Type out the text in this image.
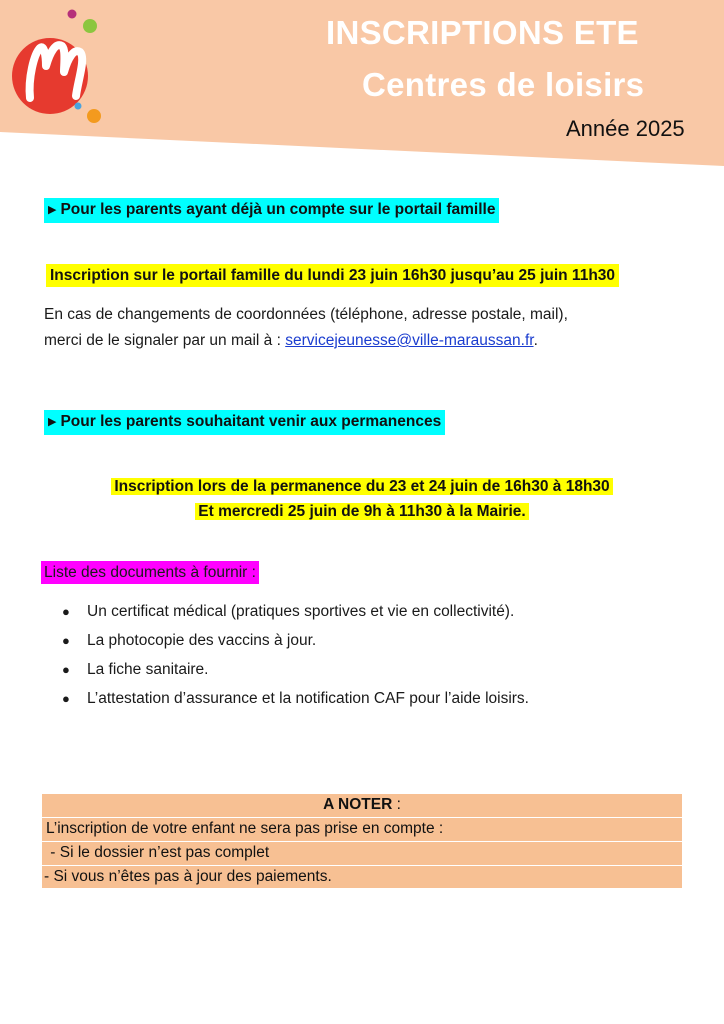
INSCRIPTIONS ETE
Centres de loisirs
Année 2025
▶ Pour les parents ayant déjà un compte sur le portail famille
Inscription sur le portail famille du lundi 23 juin 16h30 jusqu’au 25 juin 11h30
En cas de changements de coordonnées (téléphone, adresse postale, mail),
merci de le signaler par un mail à : servicejeunesse@ville-maraussan.fr.
▶ Pour les parents souhaitant venir aux permanences
Inscription lors de la permanence du 23 et 24 juin de 16h30 à 18h30
Et mercredi 25 juin de 9h à 11h30 à la Mairie.
Liste des documents à fournir :
● Un certificat médical (pratiques sportives et vie en collectivité).
● La photocopie des vaccins à jour.
● La fiche sanitaire.
● L’attestation d’assurance et la notification CAF pour l’aide loisirs.
A NOTER :
L’inscription de votre enfant ne sera pas prise en compte :
- Si le dossier n’est pas complet
- Si vous n’êtes pas à jour des paiements.
